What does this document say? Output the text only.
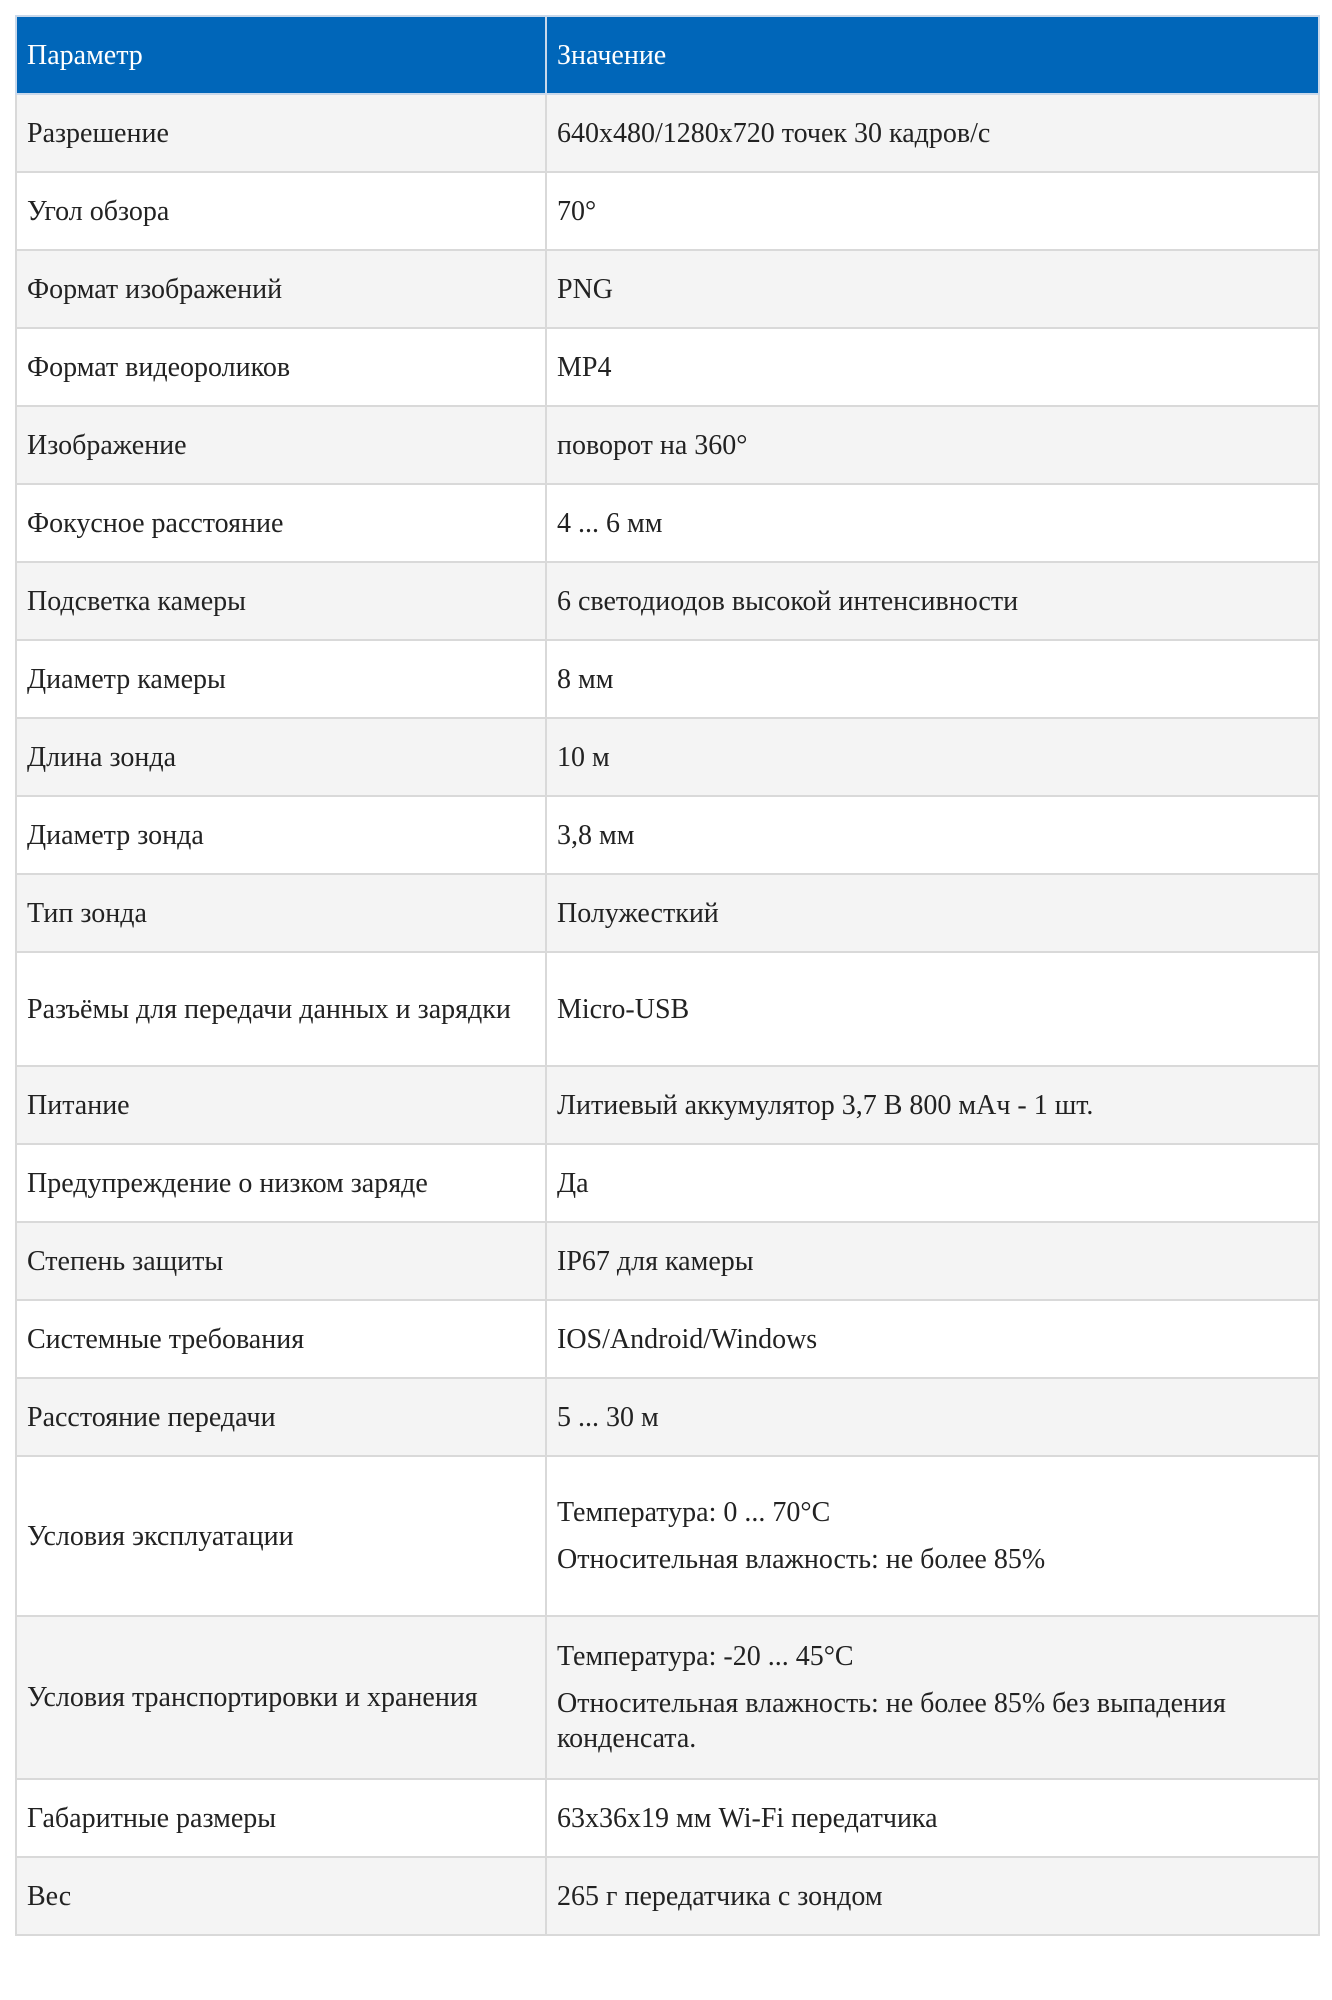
Параметр	Значение
Разрешение	640x480/1280x720 точек 30 кадров/с

Угол обзора	70°

Формат изображений	PNG

Формат видеороликов	MP4

Изображение	поворот на 360°

Фокусное расстояние	4 ... 6 мм

Подсветка камеры	6 светодиодов высокой интенсивности

Диаметр камеры	8 мм

Длина зонда	10 м

Диаметр зонда	3,8 мм

Тип зонда	Полужесткий

Разъёмы для передачи данных и зарядки	Micro-USB

Питание	Литиевый аккумулятор 3,7 В 800 мАч - 1 шт.

Предупреждение о низком заряде	Да

Степень защиты	IP67 для камеры

Системные требования	IOS/Android/Windows

Расстояние передачи	5 ... 30 м

Условия эксплуатации	Температура: 0 ... 70°C
Относительная влажность: не более 85%

Условия транспортировки и хранения	Температура: -20 ... 45°C
Относительная влажность: не более 85% без выпадения конденсата.

Габаритные размеры	63x36x19 мм Wi-Fi передатчика

Вес	265 г передатчика с зондом
